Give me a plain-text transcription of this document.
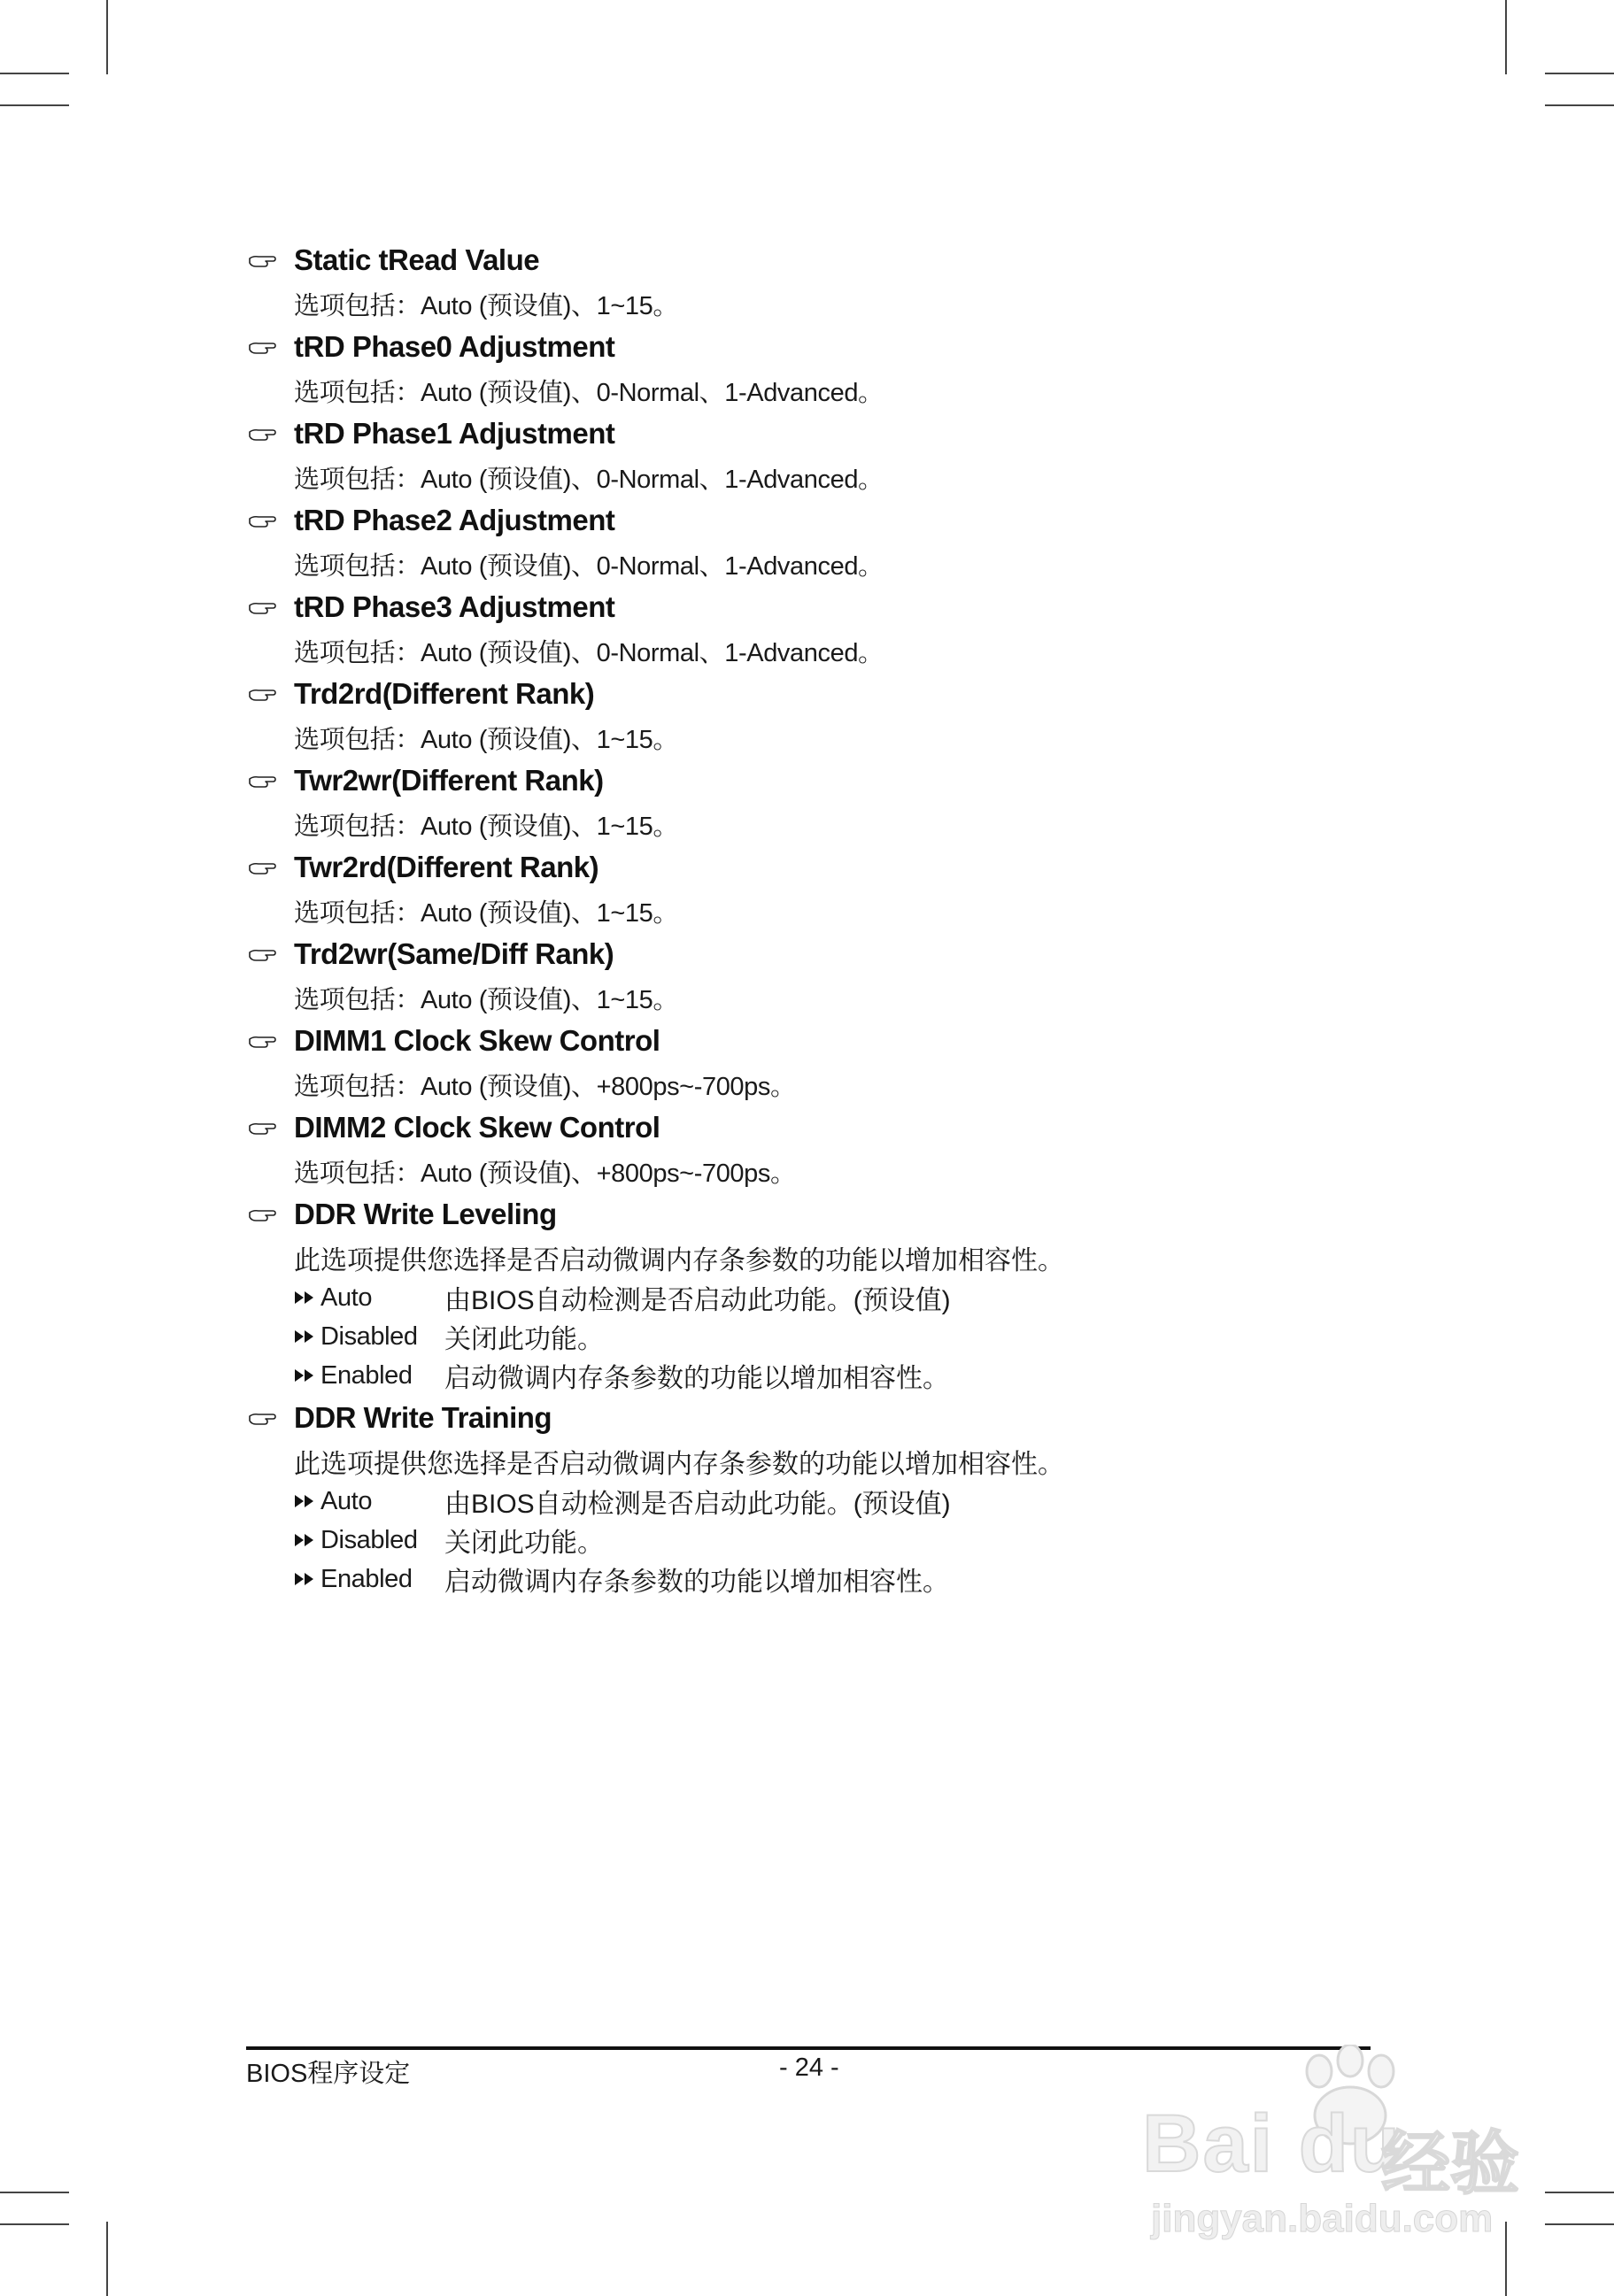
Static tRead Value
选项包括：Auto (预设值)、1~15。
tRD Phase0 Adjustment
选项包括：Auto (预设值)、0-Normal、1-Advanced。
tRD Phase1 Adjustment
选项包括：Auto (预设值)、0-Normal、1-Advanced。
tRD Phase2 Adjustment
选项包括：Auto (预设值)、0-Normal、1-Advanced。
tRD Phase3 Adjustment
选项包括：Auto (预设值)、0-Normal、1-Advanced。
Trd2rd(Different Rank)
选项包括：Auto (预设值)、1~15。
Twr2wr(Different Rank)
选项包括：Auto (预设值)、1~15。
Twr2rd(Different Rank)
选项包括：Auto (预设值)、1~15。
Trd2wr(Same/Diff Rank)
选项包括：Auto (预设值)、1~15。
DIMM1 Clock Skew Control
选项包括：Auto (预设值)、+800ps~-700ps。
DIMM2 Clock Skew Control
选项包括：Auto (预设值)、+800ps~-700ps。
DDR Write Leveling
此选项提供您选择是否启动微调内存条参数的功能以增加相容性。
Auto	由BIOS自动检测是否启动此功能。(预设值)
Disabled	关闭此功能。
Enabled	启动微调内存条参数的功能以增加相容性。
DDR Write Training
此选项提供您选择是否启动微调内存条参数的功能以增加相容性。
Auto	由BIOS自动检测是否启动此功能。(预设值)
Disabled	关闭此功能。
Enabled	启动微调内存条参数的功能以增加相容性。
BIOS程序设定	- 24 -
Bai du
经验
jingyan.baidu.com
